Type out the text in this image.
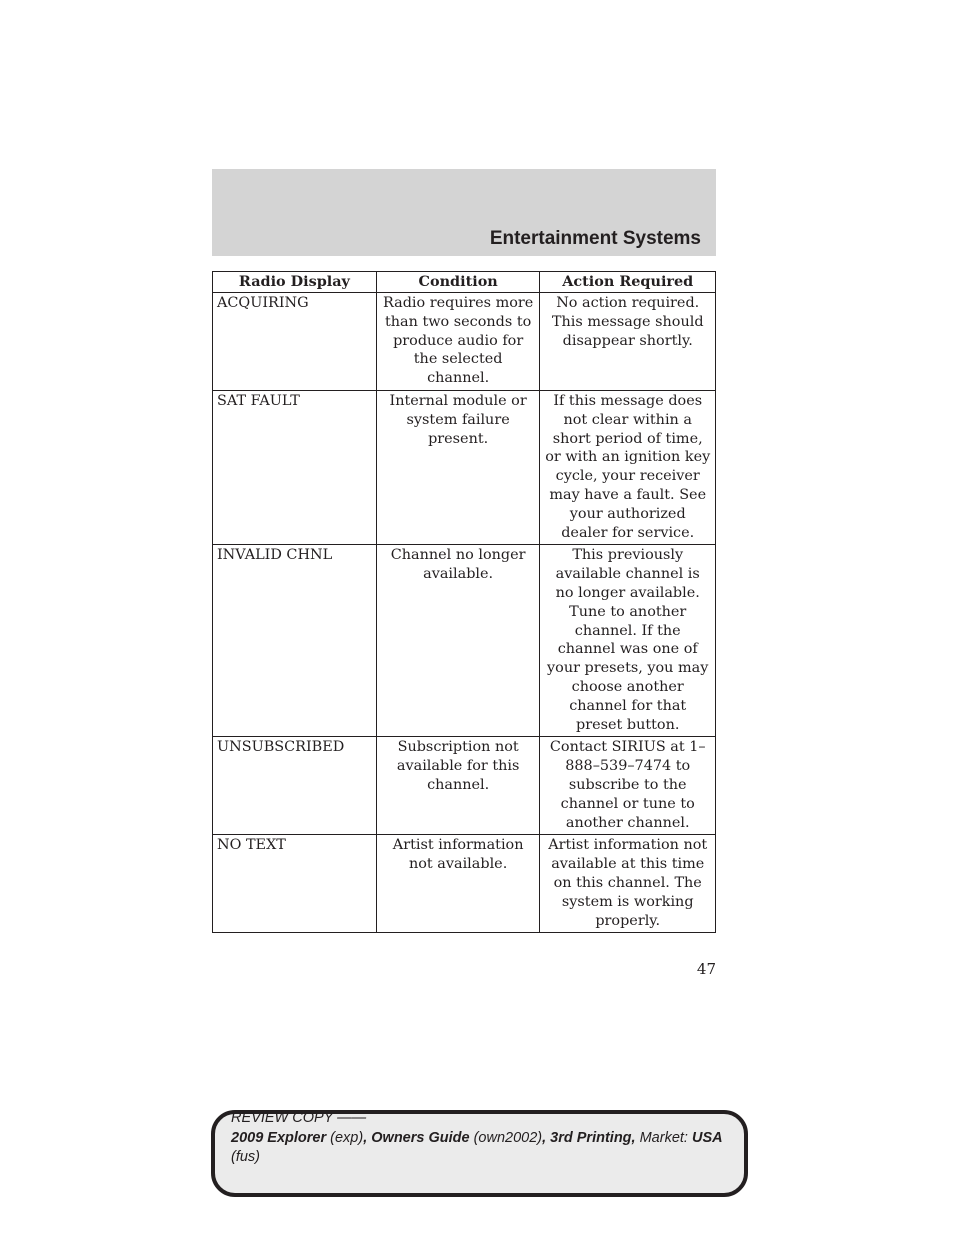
Entertainment Systems
Radio Display	Condition	Action Required
ACQUIRING	Radio requires more than two seconds to produce audio for the selected channel.	No action required. This message should disappear shortly.
SAT FAULT	Internal module or system failure present.	If this message does not clear within a short period of time, or with an ignition key cycle, your receiver may have a fault. See your authorized dealer for service.
INVALID CHNL	Channel no longer available.	This previously available channel is no longer available. Tune to another channel. If the channel was one of your presets, you may choose another channel for that preset button.
UNSUBSCRIBED	Subscription not available for this channel.	Contact SIRIUS at 1–888–539–7474 to subscribe to the channel or tune to another channel.
NO TEXT	Artist information not available.	Artist information not available at this time on this channel. The system is working properly.
47
REVIEW COPY ——
2009 Explorer (exp), Owners Guide (own2002), 3rd Printing, Market: USA
(fus)
